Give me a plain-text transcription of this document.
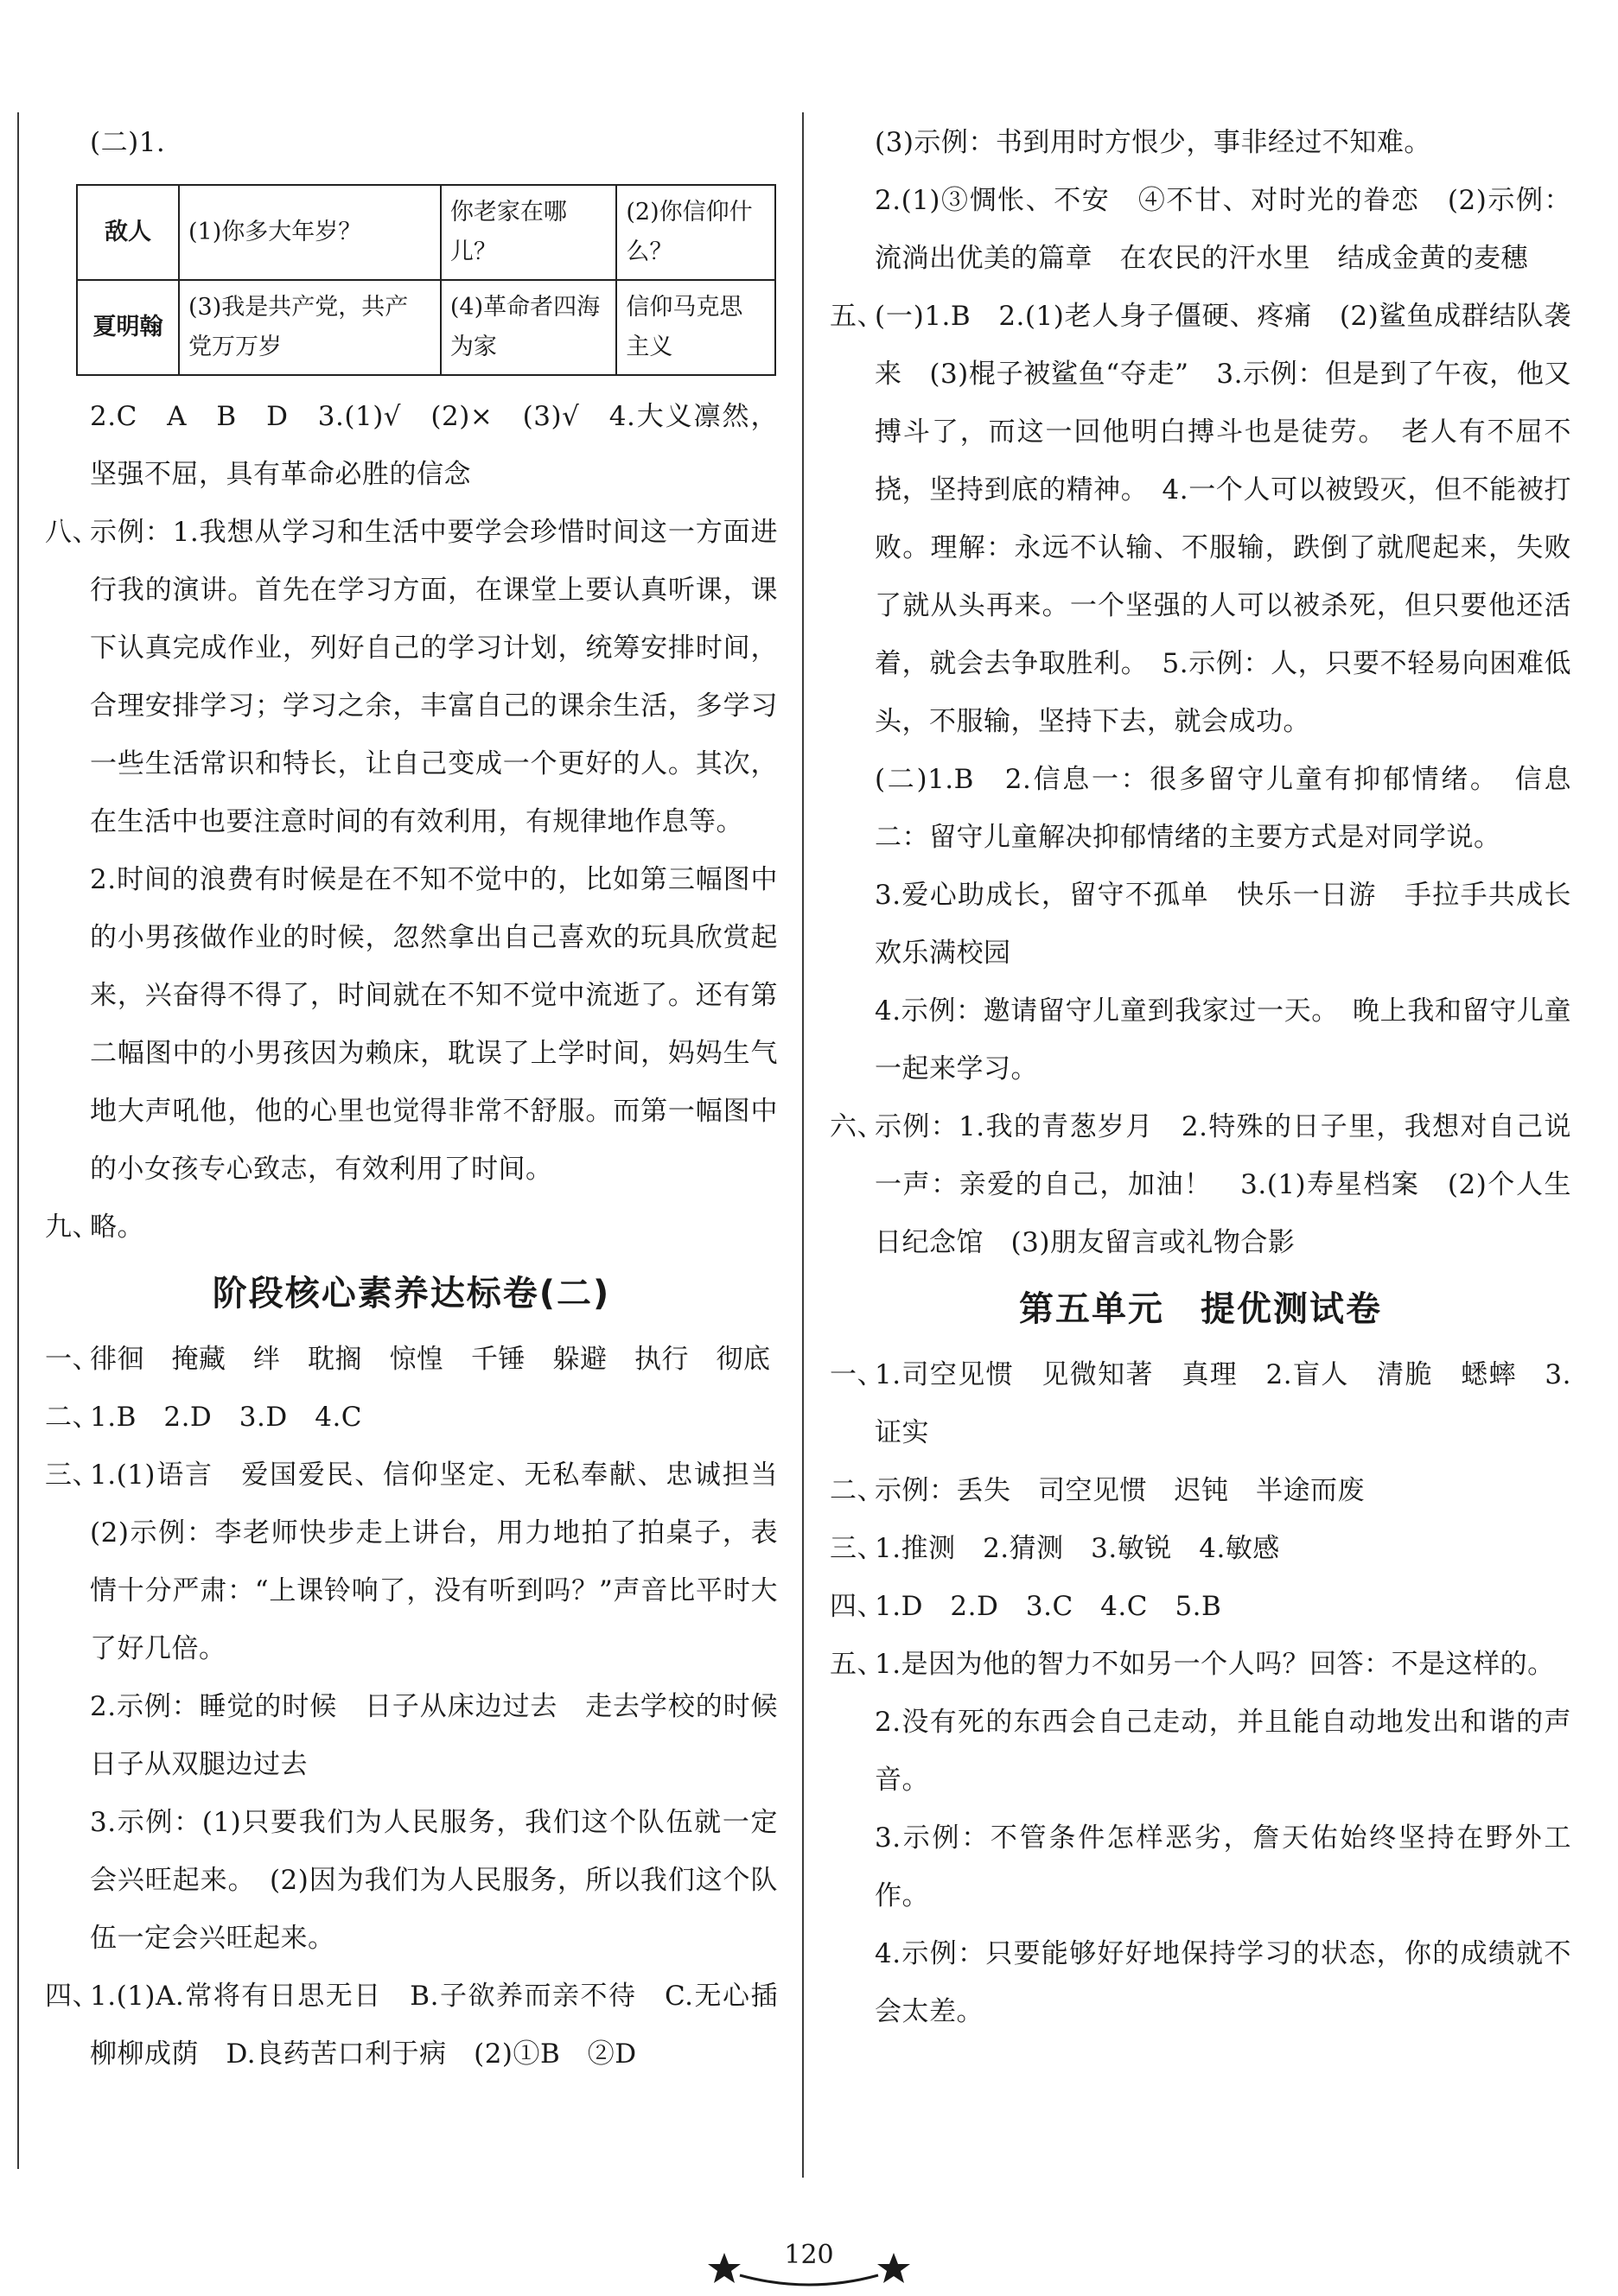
(二)1.
敌人	(1)你多大年岁？	你老家在哪儿？	(2)你信仰什么？
夏明翰	(3)我是共产党，共产党万万岁	(4)革命者四海为家	信仰马克思主义
2.C　A　B　D　3.(1)√　(2)×　(3)√　4.大义凛然，坚强不屈，具有革命必胜的信念
八、
示例：1.我想从学习和生活中要学会珍惜时间这一方面进行我的演讲。首先在学习方面，在课堂上要认真听课，课下认真完成作业，列好自己的学习计划，统筹安排时间，合理安排学习；学习之余，丰富自己的课余生活，多学习一些生活常识和特长，让自己变成一个更好的人。其次，在生活中也要注意时间的有效利用，有规律地作息等。
2.时间的浪费有时候是在不知不觉中的，比如第三幅图中的小男孩做作业的时候，忽然拿出自己喜欢的玩具欣赏起来，兴奋得不得了，时间就在不知不觉中流逝了。还有第二幅图中的小男孩因为赖床，耽误了上学时间，妈妈生气地大声吼他，他的心里也觉得非常不舒服。而第一幅图中的小女孩专心致志，有效利用了时间。
九、
略。
阶段核心素养达标卷(二)
一、
徘徊　掩藏　绊　耽搁　惊惶　千锤　躲避　执行　彻底
二、
1.B　2.D　3.D　4.C
三、
1.(1)语言　爱国爱民、信仰坚定、无私奉献、忠诚担当　(2)示例：李老师快步走上讲台，用力地拍了拍桌子，表情十分严肃：“上课铃响了，没有听到吗？”声音比平时大了好几倍。
2.示例：睡觉的时候　日子从床边过去　走去学校的时候　日子从双腿边过去
3.示例：(1)只要我们为人民服务，我们这个队伍就一定会兴旺起来。　(2)因为我们为人民服务，所以我们这个队伍一定会兴旺起来。
四、
1.(1)A.常将有日思无日　B.子欲养而亲不待　C.无心插柳柳成荫　D.良药苦口利于病　(2)①B　②D
(3)示例：书到用时方恨少，事非经过不知难。
2.(1)③惆怅、不安　④不甘、对时光的眷恋　(2)示例：流淌出优美的篇章　在农民的汗水里　结成金黄的麦穗
五、
(一)1.B　2.(1)老人身子僵硬、疼痛　(2)鲨鱼成群结队袭来　(3)棍子被鲨鱼“夺走”　3.示例：但是到了午夜，他又搏斗了，而这一回他明白搏斗也是徒劳。　老人有不屈不挠，坚持到底的精神。　4.一个人可以被毁灭，但不能被打败。理解：永远不认输、不服输，跌倒了就爬起来，失败了就从头再来。一个坚强的人可以被杀死，但只要他还活着，就会去争取胜利。　5.示例：人，只要不轻易向困难低头，不服输，坚持下去，就会成功。
(二)1.B　2.信息一：很多留守儿童有抑郁情绪。　信息二：留守儿童解决抑郁情绪的主要方式是对同学说。
3.爱心助成长，留守不孤单　快乐一日游　手拉手共成长　欢乐满校园
4.示例：邀请留守儿童到我家过一天。　晚上我和留守儿童一起来学习。
六、
示例：1.我的青葱岁月　2.特殊的日子里，我想对自己说一声：亲爱的自己，加油！　3.(1)寿星档案　(2)个人生日纪念馆　(3)朋友留言或礼物合影
第五单元　提优测试卷
一、
1.司空见惯　见微知著　真理　2.盲人　清脆　蟋蟀　3.证实
二、
示例：丢失　司空见惯　迟钝　半途而废
三、
1.推测　2.猜测　3.敏锐　4.敏感
四、
1.D　2.D　3.C　4.C　5.B
五、
1.是因为他的智力不如另一个人吗？回答：不是这样的。
2.没有死的东西会自己走动，并且能自动地发出和谐的声音。
3.示例：不管条件怎样恶劣，詹天佑始终坚持在野外工作。
4.示例：只要能够好好地保持学习的状态，你的成绩就不会太差。
120
